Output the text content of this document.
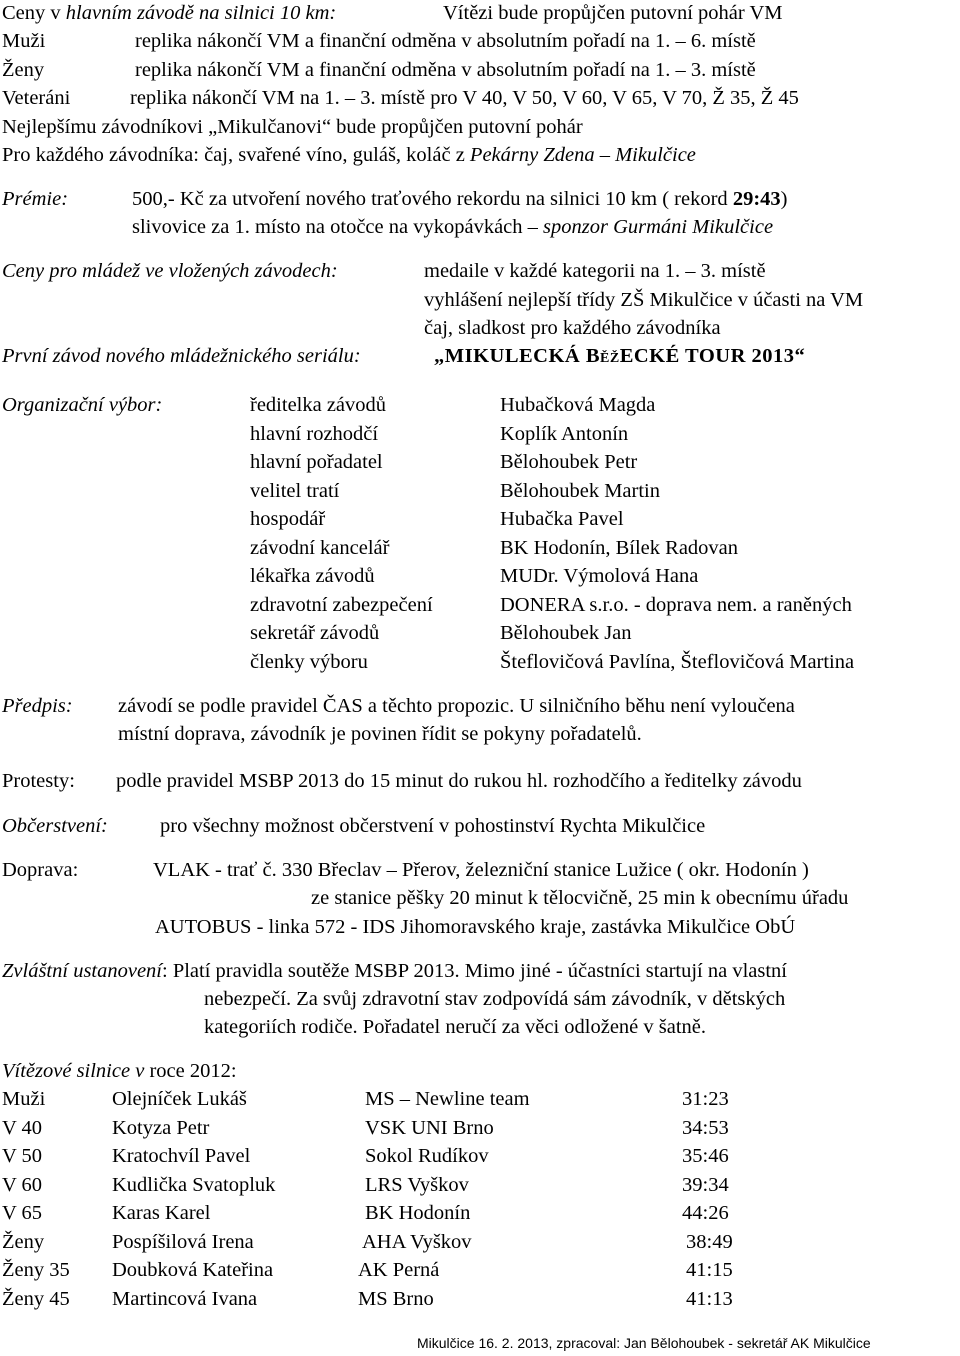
Ceny v hlavním závodě na silnici 10 km:	Vítězi bude propůjčen putovní pohár VM
Muži	replika nákončí VM a finanční odměna v absolutním pořadí na 1. – 6. místě
Ženy	replika nákončí VM a finanční odměna v absolutním pořadí na 1. – 3. místě
Veteráni	replika nákončí VM na 1. – 3. místě pro V 40, V 50, V 60, V 65, V 70, Ž 35, Ž 45
Nejlepšímu závodníkovi „Mikulčanovi“ bude propůjčen putovní pohár
Pro každého závodníka: čaj, svařené víno, guláš, koláč z Pekárny Zdena – Mikulčice
Prémie:	500,- Kč za utvoření nového traťového rekordu na silnici 10 km ( rekord 29:43)
slivovice za 1. místo na otočce na vykopávkách – sponzor Gurmáni Mikulčice
Ceny pro mládež ve vložených závodech:	medaile v každé kategorii na 1. – 3. místě
vyhlášení nejlepší třídy ZŠ Mikulčice v účasti na VM
čaj, sladkost pro každého závodníka
První závod nového mládežnického seriálu:	„MIKULECKÁ BěžECKÉ TOUR 2013“
Organizační výbor:	ředitelka závodů	Hubačková Magda
hlavní rozhodčí	Koplík Antonín
hlavní pořadatel	Bělohoubek Petr
velitel tratí	Bělohoubek Martin
hospodář	Hubačka Pavel
závodní kancelář	BK Hodonín, Bílek Radovan
lékařka závodů	MUDr. Výmolová Hana
zdravotní zabezpečení	DONERA s.r.o. - doprava nem. a raněných
sekretář závodů	Bělohoubek Jan
členky výboru	Šteflovičová Pavlína, Šteflovičová Martina
Předpis: závodí se podle pravidel ČAS a těchto propozic. U silničního běhu není vyloučena
místní doprava, závodník je povinen řídit se pokyny pořadatelů.
Protesty: podle pravidel MSBP 2013 do 15 minut do rukou hl. rozhodčího a ředitelky závodu
Občerstvení:	pro všechny možnost občerstvení v pohostinství Rychta Mikulčice
Doprava:	VLAK - trať č. 330 Břeclav – Přerov, železniční stanice Lužice ( okr. Hodonín )
ze stanice pěšky 20 minut k tělocvičně, 25 min k obecnímu úřadu
AUTOBUS - linka 572 - IDS Jihomoravského kraje, zastávka Mikulčice ObÚ
Zvláštní ustanovení: Platí pravidla soutěže MSBP 2013. Mimo jiné - účastníci startují na vlastní
nebezpečí. Za svůj zdravotní stav zodpovídá sám závodník, v dětských
kategoriích rodiče. Pořadatel neručí za věci odložené v šatně.
Vítězové silnice v roce 2012:
Muži	Olejníček Lukáš	MS – Newline team	31:23
V 40	Kotyza Petr	VSK UNI Brno	34:53
V 50	Kratochvíl Pavel	Sokol Rudíkov	35:46
V 60	Kudlička Svatopluk	LRS Vyškov	39:34
V 65	Karas Karel	BK Hodonín	44:26
Ženy	Pospíšilová Irena	AHA Vyškov	38:49
Ženy 35 Doubková Kateřina	AK Perná	41:15
Ženy 45 Martincová Ivana	MS Brno	41:13
Mikulčice 16. 2. 2013, zpracoval: Jan Bělohoubek - sekretář AK Mikulčice
